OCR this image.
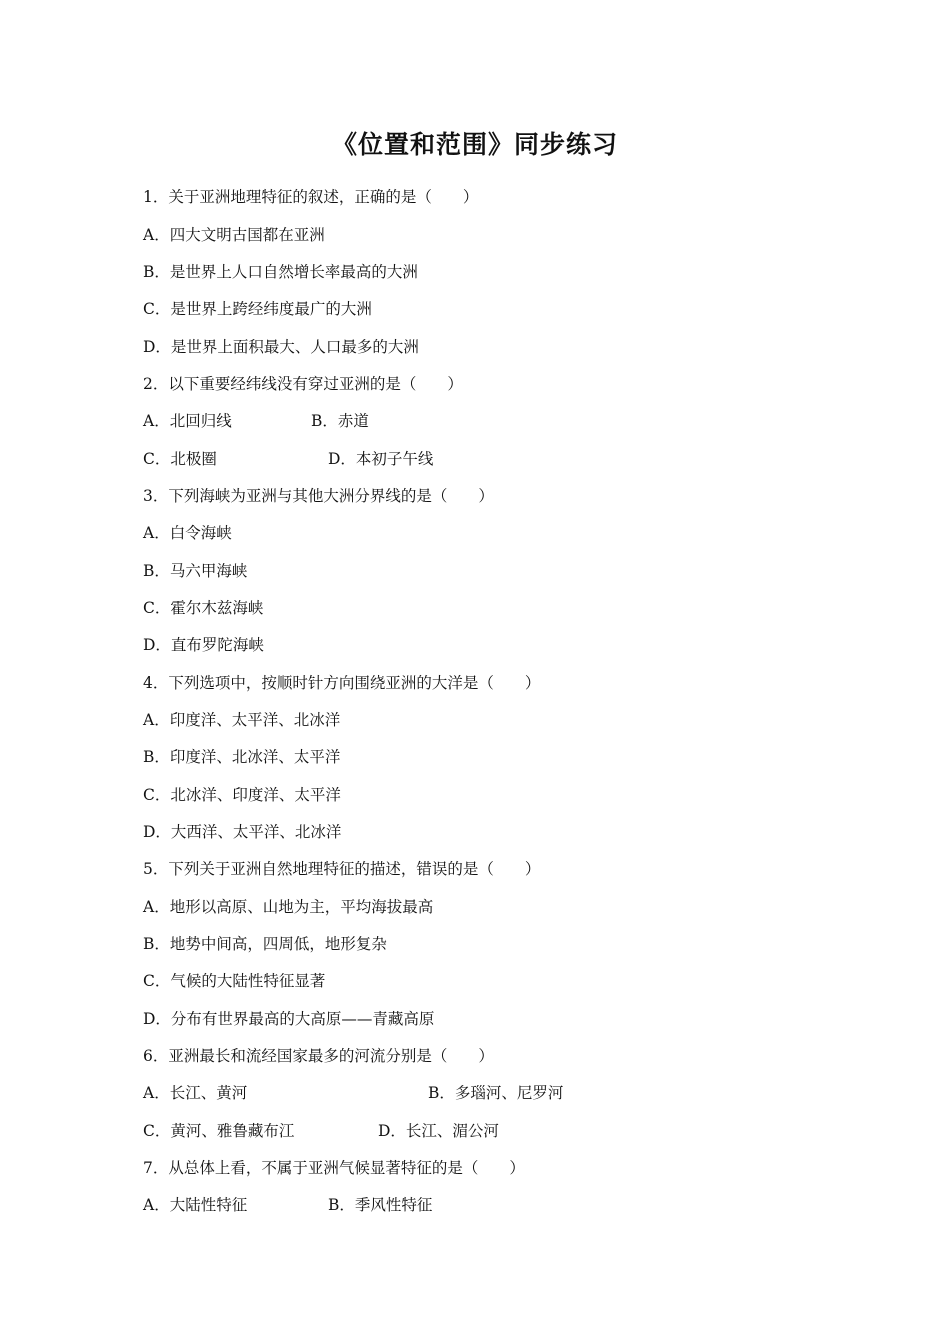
《位置和范围》同步练习
1．关于亚洲地理特征的叙述，正确的是（　　）
A．四大文明古国都在亚洲
B．是世界上人口自然增长率最高的大洲
C．是世界上跨经纬度最广的大洲
D．是世界上面积最大、人口最多的大洲
2．以下重要经纬线没有穿过亚洲的是（　　）
A．北回归线	B．赤道
C．北极圈	D．本初子午线
3．下列海峡为亚洲与其他大洲分界线的是（　　）
A．白令海峡
B．马六甲海峡
C．霍尔木兹海峡
D．直布罗陀海峡
4．下列选项中，按顺时针方向围绕亚洲的大洋是（　　）
A．印度洋、太平洋、北冰洋
B．印度洋、北冰洋、太平洋
C．北冰洋、印度洋、太平洋
D．大西洋、太平洋、北冰洋
5．下列关于亚洲自然地理特征的描述，错误的是（　　）
A．地形以高原、山地为主，平均海拔最高
B．地势中间高，四周低，地形复杂
C．气候的大陆性特征显著
D．分布有世界最高的大高原——青藏高原
6．亚洲最长和流经国家最多的河流分别是（　　）
A．长江、黄河	B．多瑙河、尼罗河
C．黄河、雅鲁藏布江	D．长江、湄公河
7．从总体上看，不属于亚洲气候显著特征的是（　　）
A．大陆性特征	B．季风性特征
